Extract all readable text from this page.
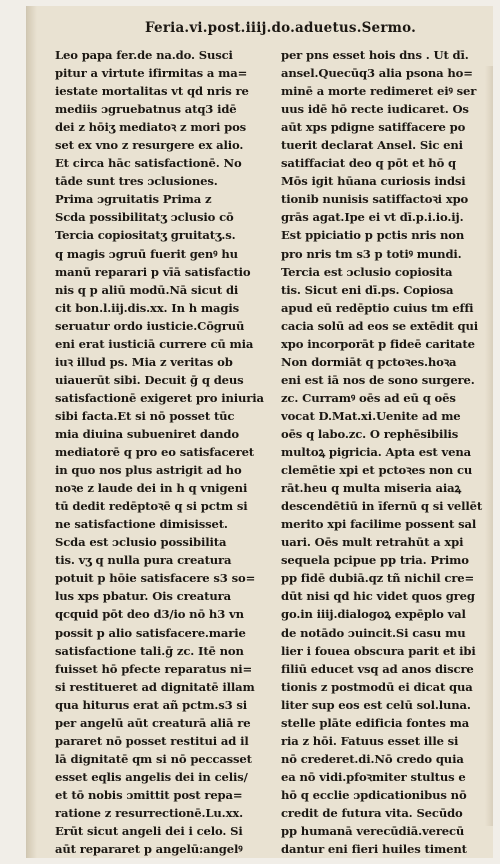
Feria.vi.post.iiij.do.aduetus.Sermo.
Leo papa fer.de na.do. Susci
pitur a virtute ifirmitas a ma=
iestate mortalitas vt qd nris re
mediis ɔgruebatnus atq3 idē
dei z hōiʒ mediatoꝛ z mori pos
set ex vno z resurgere ex alio.
Et circa hāc satisfactionē. No
tāde sunt tres ɔclusiones.
Prima ɔgruitatis Prima z
Scda possibilitatʒ ɔclusio cō
Tercia copiositatʒ gruitatʒ.s.
q magis ɔgruū fuerit genꝰ hu
manū reparari p vīā satisfactio
nis q p aliū modū.Nā sicut di
cit bon.l.iij.dis.xx. In h magis
seruatur ordo iusticie.Cōgruū
eni erat iusticiā currere cū mia
iuꝛ illud ps. Mia z veritas ob
uiauerūt sibi. Decuit ḡ q deus
satisfactionē exigeret pro iniuria
sibi facta.Et si nō posset tūc
mia diuina subueniret dando
mediatorē q pro eo satisfaceret
in quo nos plus astrigit ad ho
noꝛe z laude dei in h q vnigeni
tū dedit redēptoꝛē q si pctm si
ne satisfactione dimisisset.
Scda est ɔclusio possibilita
tis. vʒ q nulla pura creatura
potuit p hōie satisfacere s3 so=
lus xps pbatur. Ois creatura
qcquid pōt deo d3/io nō h3 vn
possit p alio satisfacere.marie
satisfactione tali.ḡ zc. Itē non
fuisset hō pfecte reparatus ni=
si restitueret ad dignitatē illam
qua hiturus erat añ pctm.s3 si
per angelū aūt creaturā aliā re
pararet nō posset restitui ad il
lā dignitatē qm si nō peccasset
esset eqlis angelis dei in celis/
et tō nobis ɔmittit post repa=
ratione z resurrectionē.Lu.xx.
Erūt sicut angeli dei i celo. Si
aūt repararet p angelū:angelꝰ
per pns esset hois dns . Ut dī.
ansel.Quecūq3 alia psona ho=
minē a morte redimeret eiꝰ ser
uus idē hō recte iudicaret. Os
aūt xps pdigne satiffacere po
tuerit declarat Ansel. Sic eni
satiffaciat deo q pōt et hō q
Mōs igit hūana curiosis indsi
tionib nunisis satiffactoꝛi xpo
grās agat.Ipe ei vt dī.p.i.io.ij.
Est ppiciatio p pctis nris non
pro nris tm s3 p totiꝰ mundi.
Tercia est ɔclusio copiosita
tis. Sicut eni dī.ps. Copiosa
apud eū redēptio cuius tm effi
cacia solū ad eos se extēdit qui
xpo incorporāt p fideē caritate
Non dormiāt q pctoꝛes.hoꝛa
eni est iā nos de sono surgere.
zc. Curramꝰ oēs ad eū q oēs
vocat D.Mat.xi.Uenite ad me
oēs q labo.zc. O rephēsibilis
multoꝝ pigricia. Apta est vena
clemētie xpi et pctoꝛes non cu
rāt.heu q multa miseria aiaꝝ
descendētiū in īfernū q si vellēt
merito xpi facilime possent sal
uari. Oēs mult retrahūt a xpi
sequela pcipue pp tria. Primo
pp fidē dubiā.qz tñ nichil cre=
dūt nisi qd hic videt quos greg
go.in iiij.dialogoꝝ expēplo val
de notādo ɔuincit.Si casu mu
lier i fouea obscura parit et ibi
filiū educet vsq ad anos discre
tionis z postmodū ei dicat qua
liter sup eos est celū sol.luna.
stelle plāte edificia fontes ma
ria z hōi. Fatuus esset ille si
nō crederet.di.Nō credo quia
ea nō vidi.pfoꝛmiter stultus e
hō q ecclie ɔpdicationibus nō
credit de futura vita. Secūdo
pp humanā verecūdiā.verecū
dantur eni fieri huiles timent
